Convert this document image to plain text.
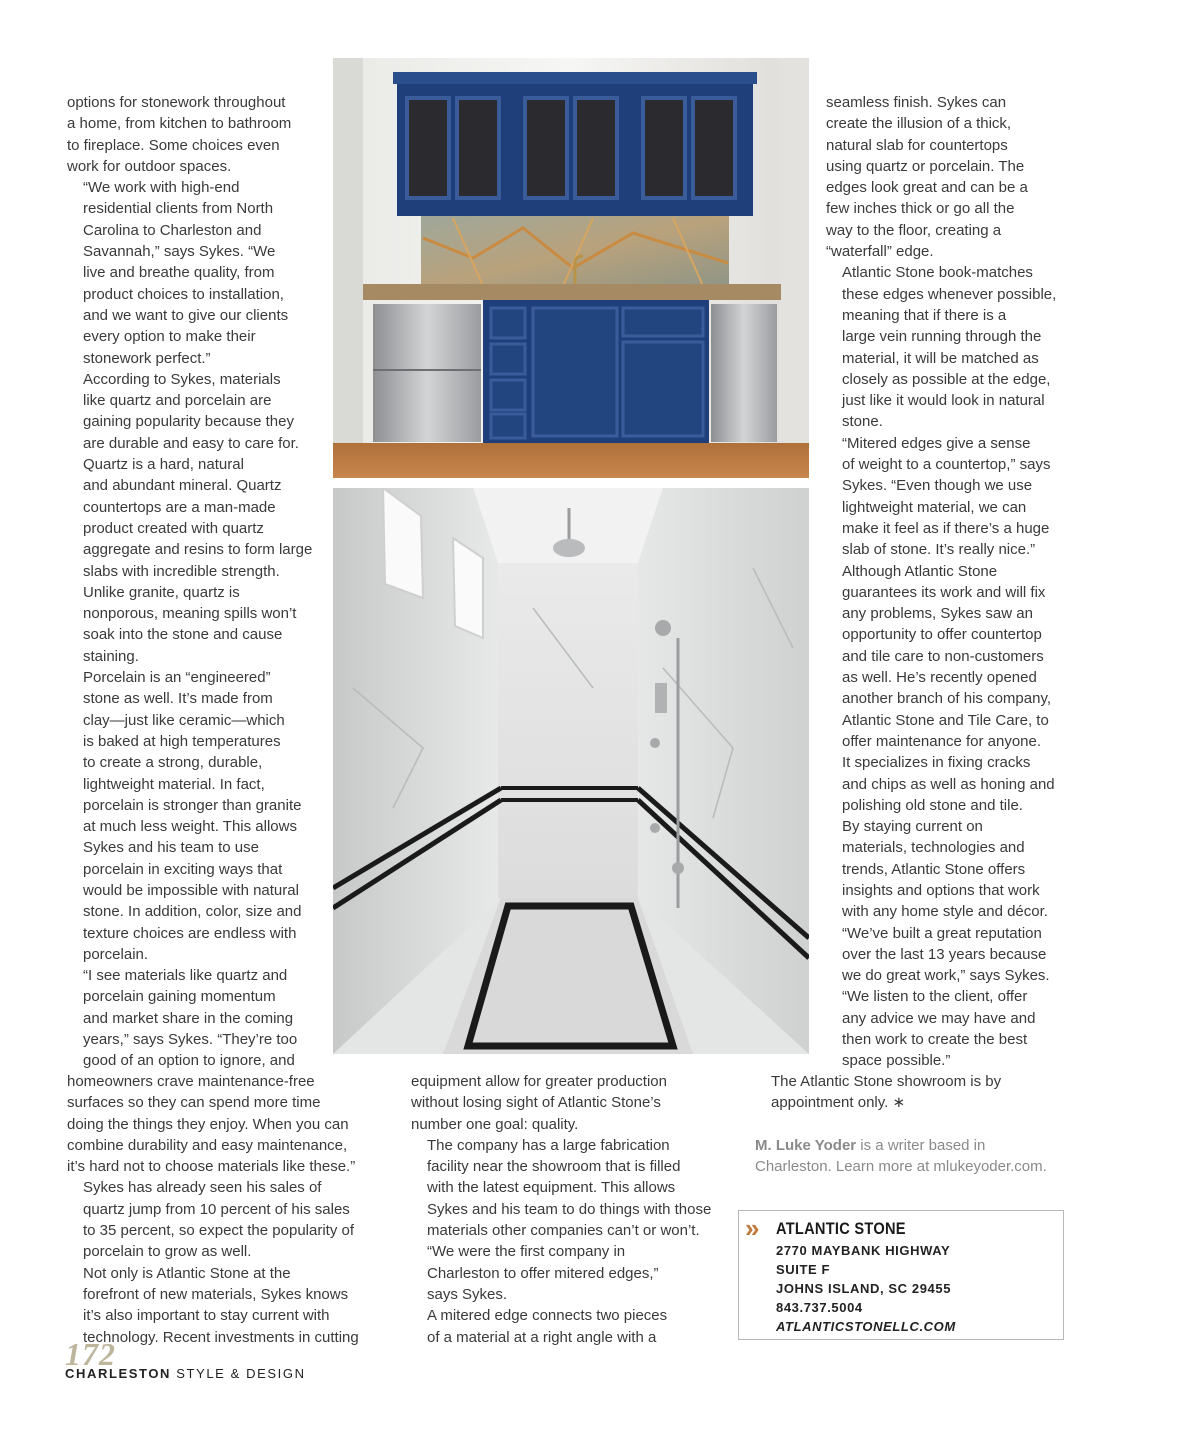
options for stonework throughout
a home, from kitchen to bathroom
to fireplace. Some choices even
work for outdoor spaces.

“We work with high-end
residential clients from North
Carolina to Charleston and
Savannah,” says Sykes. “We
live and breathe quality, from
product choices to installation,
and we want to give our clients
every option to make their
stonework perfect.”

According to Sykes, materials
like quartz and porcelain are
gaining popularity because they
are durable and easy to care for.

Quartz is a hard, natural
and abundant mineral. Quartz
countertops are a man-made
product created with quartz
aggregate and resins to form large
slabs with incredible strength.

Unlike granite, quartz is
nonporous, meaning spills won’t
soak into the stone and cause
staining.

Porcelain is an “engineered”
stone as well. It’s made from
clay—just like ceramic—which
is baked at high temperatures
to create a strong, durable,
lightweight material. In fact,
porcelain is stronger than granite
at much less weight. This allows
Sykes and his team to use
porcelain in exciting ways that
would be impossible with natural
stone. In addition, color, size and
texture choices are endless with
porcelain.

“I see materials like quartz and
porcelain gaining momentum
and market share in the coming
years,” says Sykes. “They’re too
good of an option to ignore, and

homeowners crave maintenance-free
surfaces so they can spend more time
doing the things they enjoy. When you can
combine durability and easy maintenance,
it’s hard not to choose materials like these.”

Sykes has already seen his sales of
quartz jump from 10 percent of his sales
to 35 percent, so expect the popularity of
porcelain to grow as well.

Not only is Atlantic Stone at the
forefront of new materials, Sykes knows
it’s also important to stay current with
technology. Recent investments in cutting

equipment allow for greater production
without losing sight of Atlantic Stone’s
number one goal: quality.

The company has a large fabrication
facility near the showroom that is filled
with the latest equipment. This allows
Sykes and his team to do things with those
materials other companies can’t or won’t.

“We were the first company in
Charleston to offer mitered edges,”
says Sykes.

A mitered edge connects two pieces
of a material at a right angle with a

seamless finish. Sykes can
create the illusion of a thick,
natural slab for countertops
using quartz or porcelain. The
edges look great and can be a
few inches thick or go all the
way to the floor, creating a
“waterfall” edge.

Atlantic Stone book-matches
these edges whenever possible,
meaning that if there is a
large vein running through the
material, it will be matched as
closely as possible at the edge,
just like it would look in natural
stone.

“Mitered edges give a sense
of weight to a countertop,” says
Sykes. “Even though we use
lightweight material, we can
make it feel as if there’s a huge
slab of stone. It’s really nice.”

Although Atlantic Stone
guarantees its work and will fix
any problems, Sykes saw an
opportunity to offer countertop
and tile care to non-customers
as well. He’s recently opened
another branch of his company,
Atlantic Stone and Tile Care, to
offer maintenance for anyone.
It specializes in fixing cracks
and chips as well as honing and
polishing old stone and tile.

By staying current on
materials, technologies and
trends, Atlantic Stone offers
insights and options that work
with any home style and décor.

“We’ve built a great reputation
over the last 13 years because
we do great work,” says Sykes.
“We listen to the client, offer
any advice we may have and
then work to create the best
space possible.”

The Atlantic Stone showroom is by
appointment only. ∗

M. Luke Yoder is a writer based in
Charleston. Learn more at mlukeyoder.com.

» ATLANTIC STONE
2770 MAYBANK HIGHWAY
SUITE F
JOHNS ISLAND, SC 29455
843.737.5004
ATLANTICSTONELLC.COM
172
CHARLESTON STYLE & DESIGN
